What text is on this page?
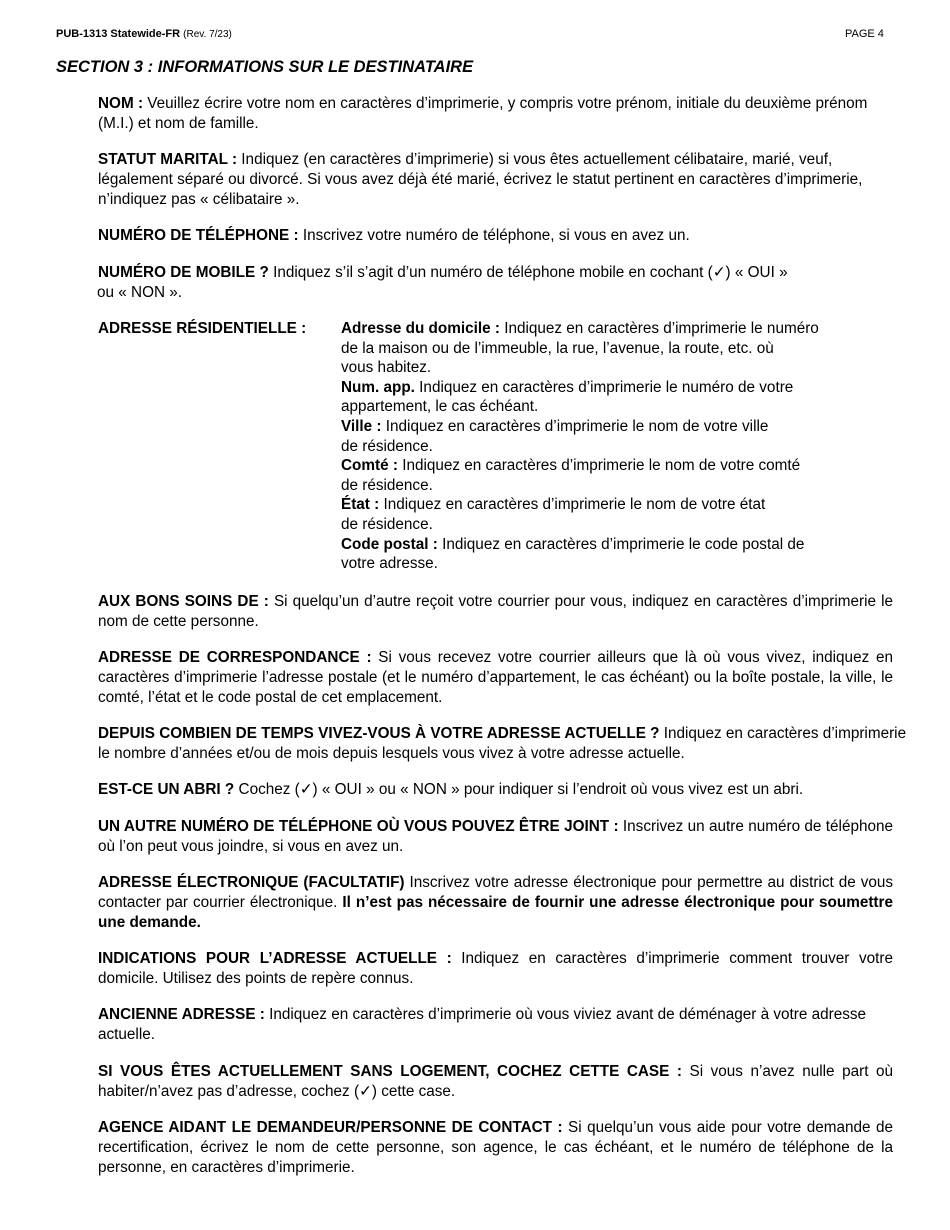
PUB-1313 Statewide-FR (Rev. 7/23)	PAGE 4
SECTION 3 : INFORMATIONS SUR LE DESTINATAIRE
NOM : Veuillez écrire votre nom en caractères d’imprimerie, y compris votre prénom, initiale du deuxième prénom (M.I.) et nom de famille.
STATUT MARITAL : Indiquez (en caractères d’imprimerie) si vous êtes actuellement célibataire, marié, veuf, légalement séparé ou divorcé. Si vous avez déjà été marié, écrivez le statut pertinent en caractères d’imprimerie, n’indiquez pas « célibataire ».
NUMÉRO DE TÉLÉPHONE : Inscrivez votre numéro de téléphone, si vous en avez un.
NUMÉRO DE MOBILE ? Indiquez s’il s’agit d’un numéro de téléphone mobile en cochant (✓) « OUI »
ou « NON ».
ADRESSE RÉSIDENTIELLE : Adresse du domicile : Indiquez en caractères d’imprimerie le numéro
de la maison ou de l’immeuble, la rue, l’avenue, la route, etc. où
vous habitez.
Num. app. Indiquez en caractères d’imprimerie le numéro de votre
appartement, le cas échéant.
Ville : Indiquez en caractères d’imprimerie le nom de votre ville
de résidence.
Comté : Indiquez en caractères d’imprimerie le nom de votre comté
de résidence.
État : Indiquez en caractères d’imprimerie le nom de votre état
de résidence.
Code postal : Indiquez en caractères d’imprimerie le code postal de
votre adresse.
AUX BONS SOINS DE : Si quelqu’un d’autre reçoit votre courrier pour vous, indiquez en caractères d’imprimerie le nom de cette personne.
ADRESSE DE CORRESPONDANCE : Si vous recevez votre courrier ailleurs que là où vous vivez, indiquez en caractères d’imprimerie l’adresse postale (et le numéro d’appartement, le cas échéant) ou la boîte postale, la ville, le comté, l’état et le code postal de cet emplacement.
DEPUIS COMBIEN DE TEMPS VIVEZ-VOUS À VOTRE ADRESSE ACTUELLE ? Indiquez en caractères d’imprimerie le nombre d’années et/ou de mois depuis lesquels vous vivez à votre adresse actuelle.
EST-CE UN ABRI ? Cochez (✓) « OUI » ou « NON » pour indiquer si l’endroit où vous vivez est un abri.
UN AUTRE NUMÉRO DE TÉLÉPHONE OÙ VOUS POUVEZ ÊTRE JOINT : Inscrivez un autre numéro de téléphone où l’on peut vous joindre, si vous en avez un.
ADRESSE ÉLECTRONIQUE (FACULTATIF) Inscrivez votre adresse électronique pour permettre au district de vous contacter par courrier électronique. Il n’est pas nécessaire de fournir une adresse électronique pour soumettre une demande.
INDICATIONS POUR L’ADRESSE ACTUELLE : Indiquez en caractères d’imprimerie comment trouver votre domicile. Utilisez des points de repère connus.
ANCIENNE ADRESSE : Indiquez en caractères d’imprimerie où vous viviez avant de déménager à votre adresse actuelle.
SI VOUS ÊTES ACTUELLEMENT SANS LOGEMENT, COCHEZ CETTE CASE : Si vous n’avez nulle part où habiter/n’avez pas d’adresse, cochez (✓) cette case.
AGENCE AIDANT LE DEMANDEUR/PERSONNE DE CONTACT : Si quelqu’un vous aide pour votre demande de recertification, écrivez le nom de cette personne, son agence, le cas échéant, et le numéro de téléphone de la personne, en caractères d’imprimerie.
